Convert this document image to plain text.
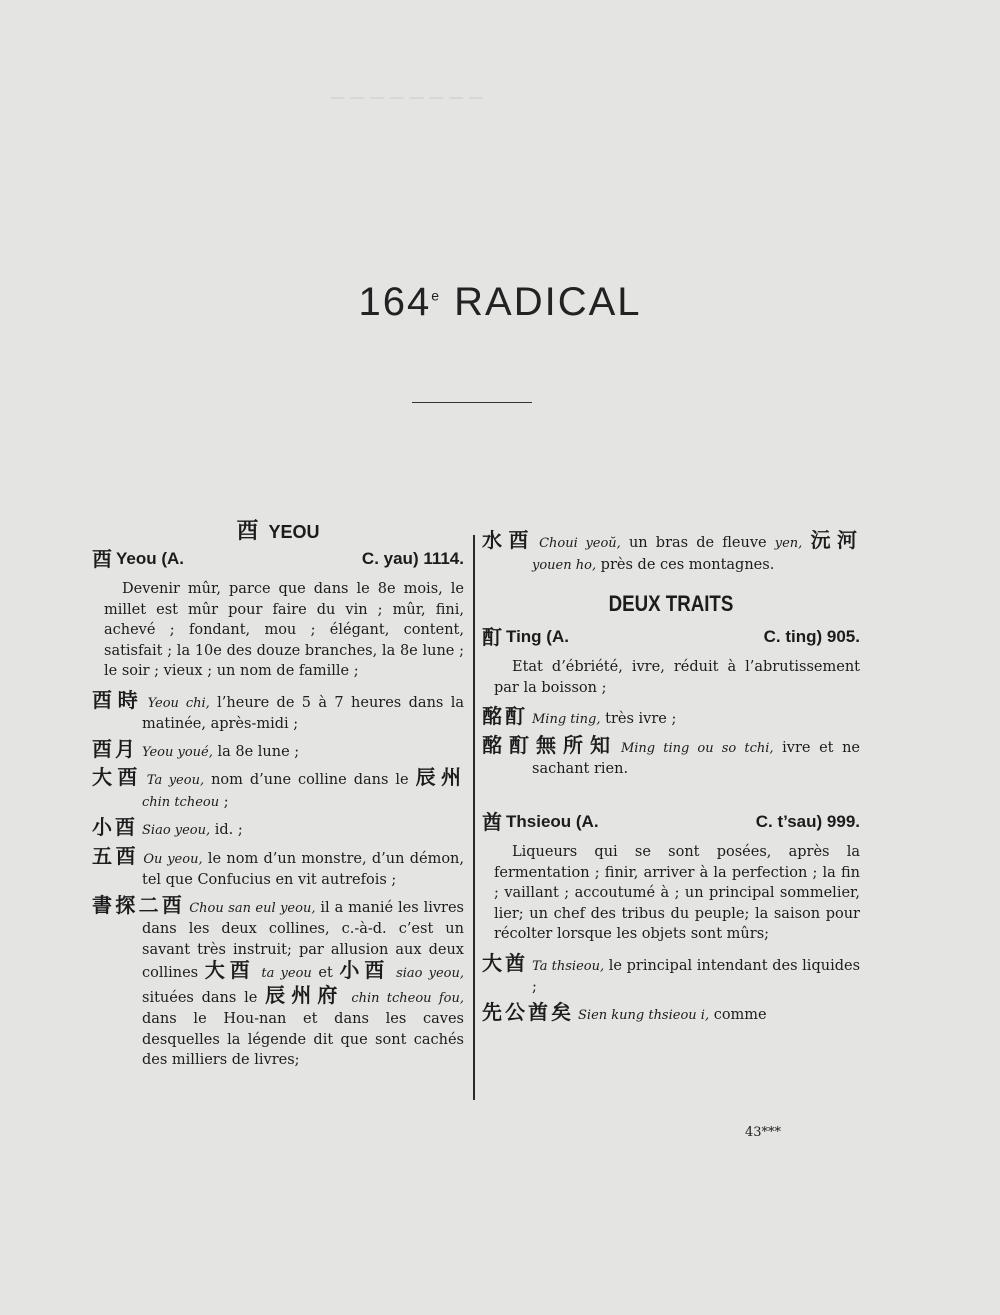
— — — — — — — —
164e RADICAL
酉 YEOU
酉 Yeou (A.	C. yau) 1114.
Devenir mûr, parce que dans le 8e mois, le millet est mûr pour faire du vin ; mûr, fini, achevé ; fondant, mou ; élégant, content, satisfait ; la 10e des douze branches, la 8e lune ; le soir ; vieux ; un nom de famille ;
酉時 Yeou chi, l’heure de 5 à 7 heures dans la matinée, après-midi ;
酉月 Yeou youé, la 8e lune ;
大酉 Ta yeou, nom d’une colline dans le 辰州 chin tcheou ;
小酉 Siao yeou, id. ;
五酉 Ou yeou, le nom d’un monstre, d’un démon, tel que Confucius en vit autrefois ;
書探二酉 Chou san eul yeou, il a manié les livres dans les deux collines, c.-à-d. c’est un savant très instruit; par allusion aux deux collines 大酉 ta yeou et 小酉 siao yeou, situées dans le 辰州府 chin tcheou fou, dans le Hou-nan et dans les caves desquelles la légende dit que sont cachés des milliers de livres;
水酉 Choui yeoŭ, un bras de fleuve yen, 沅河 youen ho, près de ces montagnes.
DEUX TRAITS
酊 Ting (A.	C. ting) 905.
Etat d’ébriété, ivre, réduit à l’abrutissement par la boisson ;
酩酊 Ming ting, très ivre ;
酩酊無所知 Ming ting ou so tchi, ivre et ne sachant rien.
酋 Thsieou (A.	C. t’sau) 999.
Liqueurs qui se sont posées, après la fermentation ; finir, arriver à la perfection ; la fin ; vaillant ; accoutumé à ; un principal sommelier, lier; un chef des tribus du peuple; la saison pour récolter lorsque les objets sont mûrs;
大酋 Ta thsieou, le principal intendant des liquides ;
先公酋矣 Sien kung thsieou i, comme
43***
